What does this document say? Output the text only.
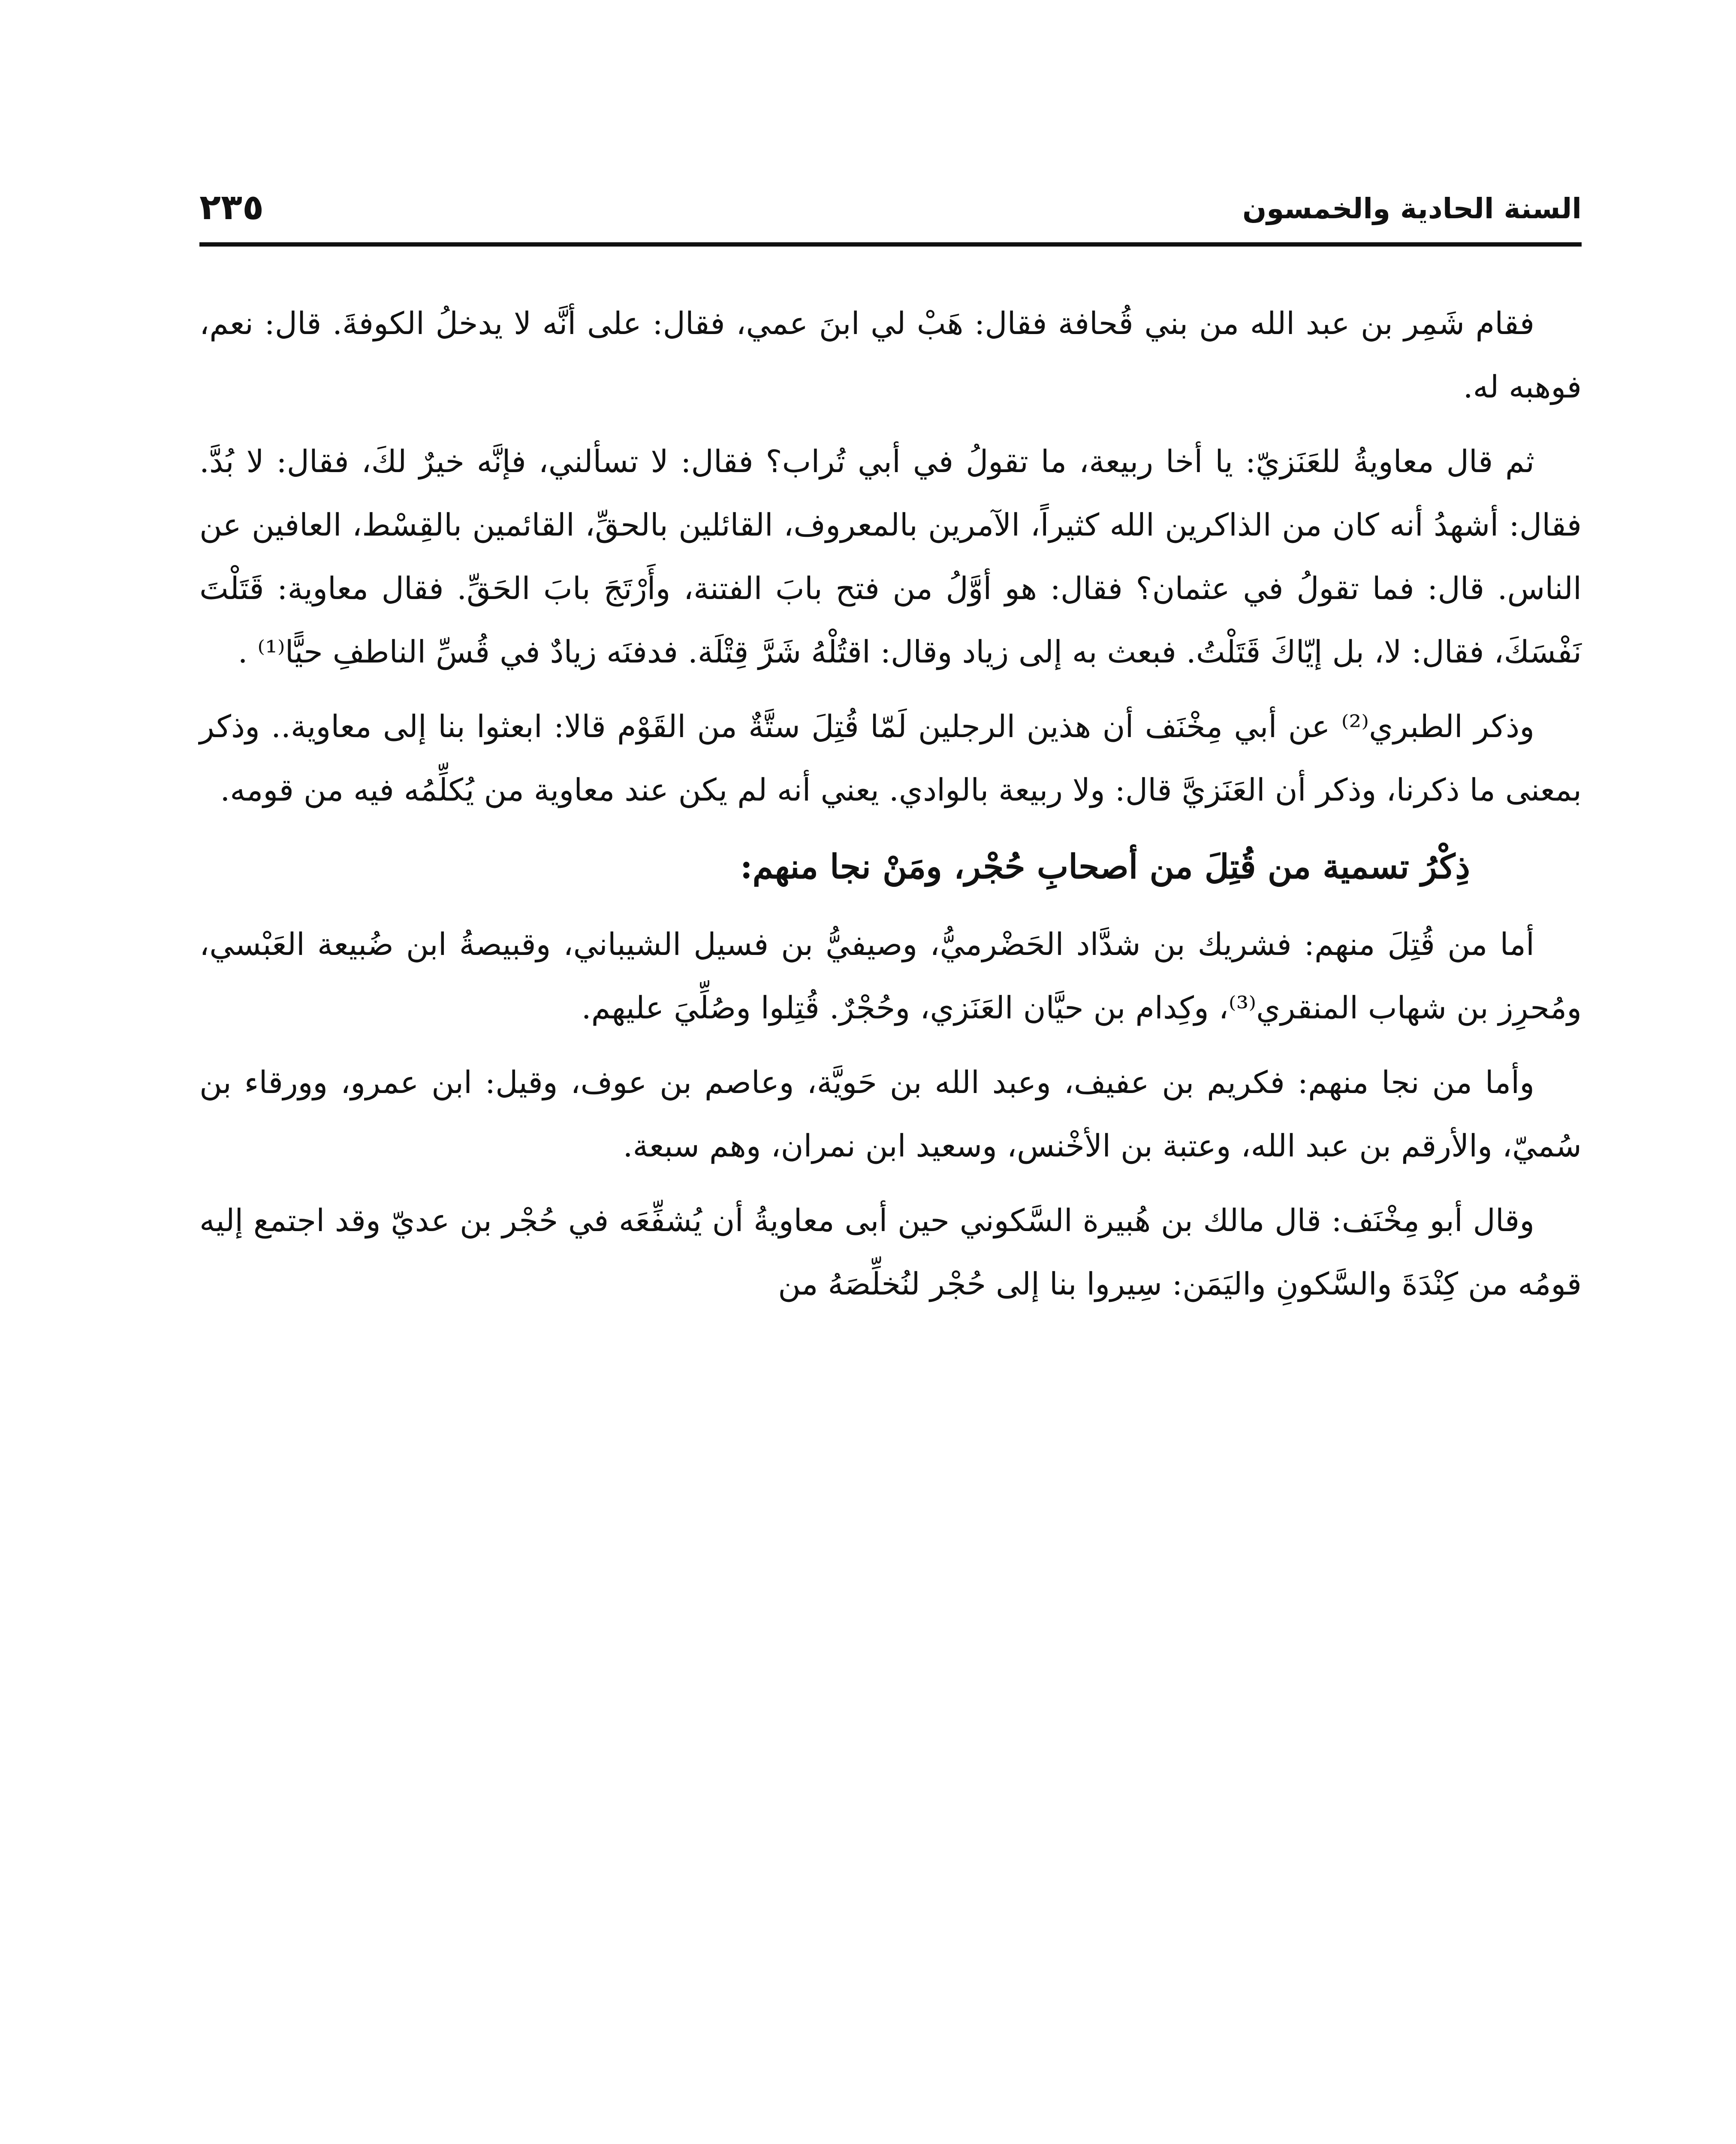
السنة الحادية والخمسون
٢٣٥

فقام شَمِر بن عبد الله من بني قُحافة فقال: هَبْ لي ابنَ عمي، فقال: على أنَّه لا يدخلُ الكوفةَ. قال: نعم، فوهبه له.

ثم قال معاويةُ للعَنَزيّ: يا أخا ربيعة، ما تقولُ في أبي تُراب؟ فقال: لا تسألني، فإنَّه خيرٌ لكَ، فقال: لا بُدَّ. فقال: أشهدُ أنه كان من الذاكرين الله كثيراً، الآمرين بالمعروف، القائلين بالحقِّ، القائمين بالقِسْط، العافين عن الناس. قال: فما تقولُ في عثمان؟ فقال: هو أوَّلُ من فتح بابَ الفتنة، وأَرْتَجَ بابَ الحَقِّ. فقال معاوية: قَتَلْتَ نَفْسَكَ، فقال: لا، بل إيّاكَ قَتَلْتُ. فبعث به إلى زياد وقال: اقتُلْهُ شَرَّ قِتْلَة. فدفنَه زيادٌ في قُسِّ الناطفِ حيًّا⁽¹⁾ .

وذكر الطبري⁽²⁾ عن أبي مِخْنَف أن هذين الرجلين لَمّا قُتِلَ ستَّةٌ من القَوْم قالا: ابعثوا بنا إلى معاوية.. وذكر بمعنى ما ذكرنا، وذكر أن العَنَزيَّ قال: ولا ربيعة بالوادي. يعني أنه لم يكن عند معاوية من يُكلِّمُه فيه من قومه.

ذِكْرُ تسمية من قُتِلَ من أصحابِ حُجْر، ومَنْ نجا منهم:

أما من قُتِلَ منهم: فشريك بن شدَّاد الحَضْرميُّ، وصيفيُّ بن فسيل الشيباني، وقبيصةُ ابن ضُبيعة العَبْسي، ومُحرِز بن شهاب المنقري⁽³⁾، وكِدام بن حيَّان العَنَزي، وحُجْرٌ. قُتِلوا وصُلِّيَ عليهم.

وأما من نجا منهم: فكريم بن عفيف، وعبد الله بن حَويَّة، وعاصم بن عوف، وقيل: ابن عمرو، وورقاء بن سُميّ، والأرقم بن عبد الله، وعتبة بن الأخْنس، وسعيد ابن نمران، وهم سبعة.

وقال أبو مِخْنَف: قال مالك بن هُبيرة السَّكوني حين أبى معاويةُ أن يُشفِّعَه في حُجْر بن عديّ وقد اجتمع إليه قومُه من كِنْدَةَ والسَّكونِ واليَمَن: سِيروا بنا إلى حُجْر لنُخلِّصَهُ من
